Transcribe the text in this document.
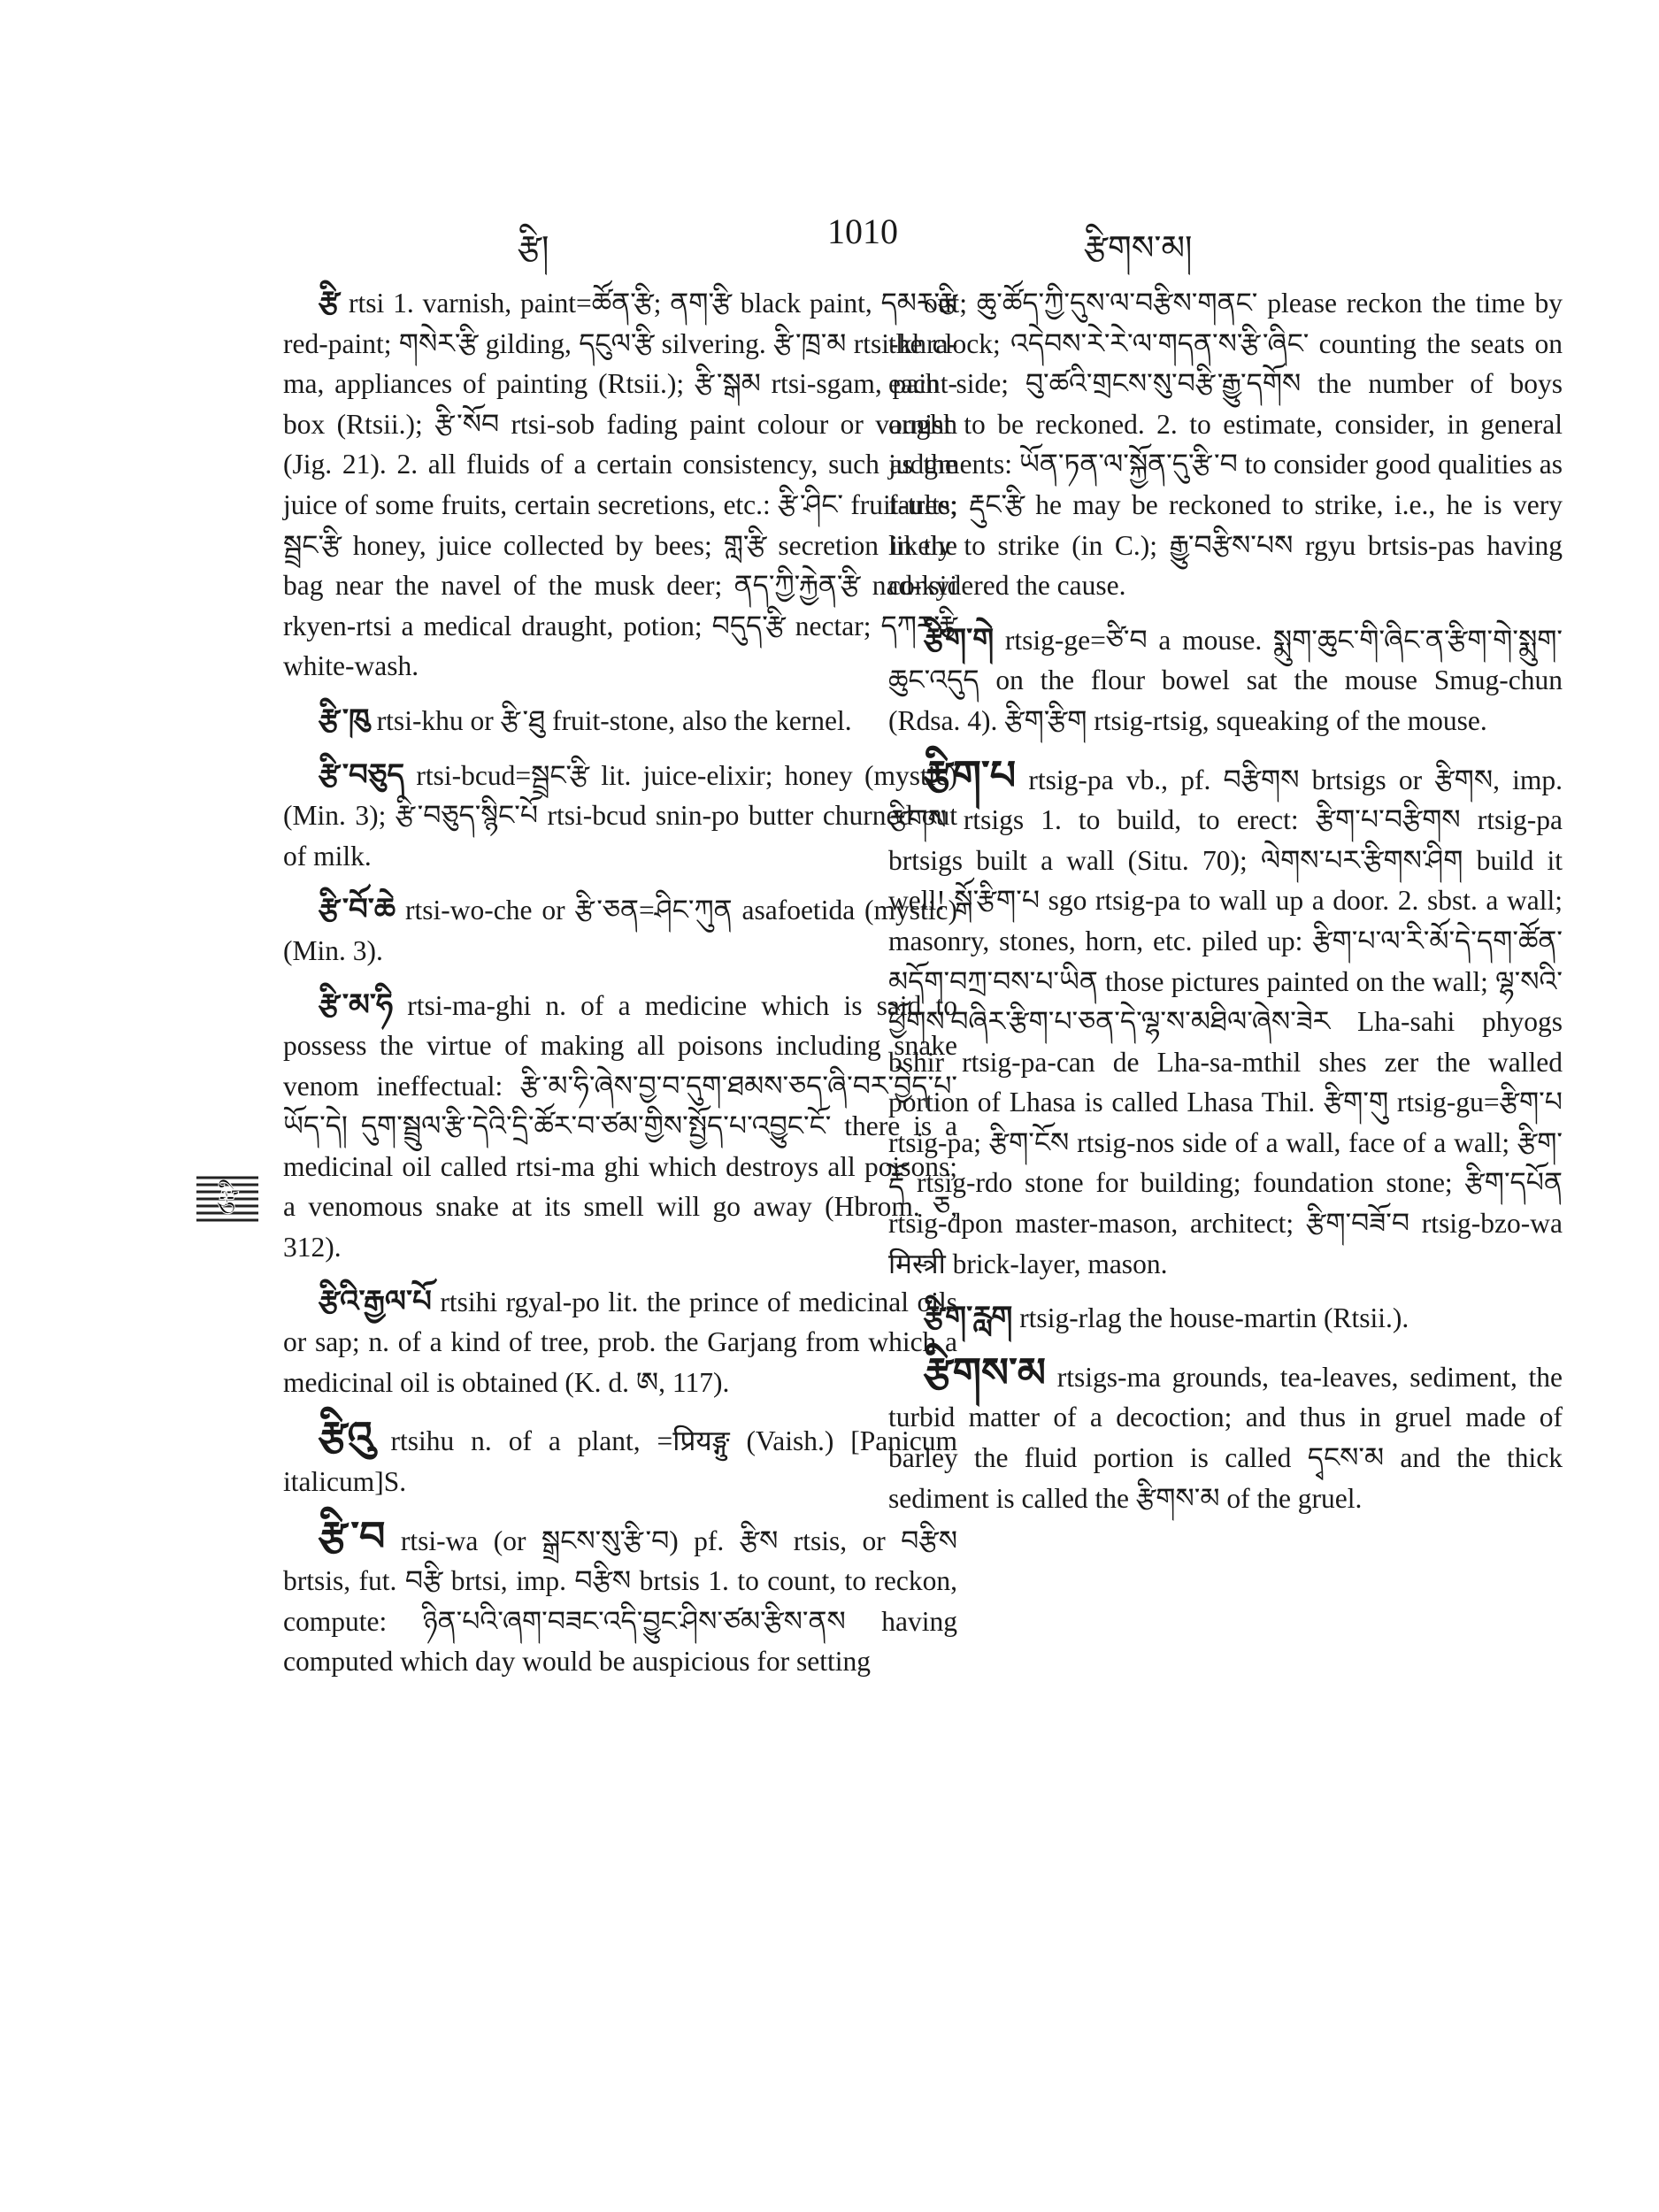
རྩི།	1010	རྩིགས་མ།
རྩི

རྩི rtsi 1. varnish, paint=ཚོན་རྩི; ནག་རྩི black paint, དམར་རྩི red-paint; གསེར་རྩི gilding, དངུལ་རྩི silvering. རྩི་ཁྲ་མ rtsi-khra-ma, appliances of painting (Rtsii.); རྩི་སྒམ rtsi-sgam, paint-box (Rtsii.); རྩི་སོབ rtsi-sob fading paint colour or varnish (Jig. 21). 2. all fluids of a certain consistency, such as the juice of some fruits, certain secretions, etc.: རྩི་ཤིང་ fruit-tree; སྦྲང་རྩི honey, juice collected by bees; གླ་རྩི secretion in the bag near the navel of the musk deer; ནད་ཀྱི་རྐྱེན་རྩི nad-kyi rkyen-rtsi a medical draught, potion; བདུད་རྩི nectar; དཀར་རྩི white-wash.

རྩི་ཁུ rtsi-khu or རྩི་ཐུ fruit-stone, also the kernel.

རྩི་བཅུད rtsi-bcud=སྦྲང་རྩི lit. juice-elixir; honey (mystic) (Min. 3); རྩི་བཅུད་སྙིང་པོ rtsi-bcud snin-po butter churned out of milk.

རྩི་བོ་ཆེ rtsi-wo-che or རྩི་ཅན=ཤིང་ཀུན asafoetida (mystic) (Min. 3).

རྩི་མ་ཧི rtsi-ma-ghi n. of a medicine which is said to possess the virtue of making all poisons including snake venom ineffectual: རྩི་མ་ཧི་ཞེས་བྱ་བ་དུག་ཐམས་ཅད་ཞི་བར་བྱེད་པ་ཡོད་དེ། དུག་སྦྲུལ་རྩི་དེའི་དྲི་ཚོར་བ་ཙམ་གྱིས་སྤྱོད་པ་འབྱུང་ངོ་ there is a medicinal oil called rtsi-ma ghi which destroys all poisons; a venomous snake at its smell will go away (Hbrom. ཅ, 312).

རྩིའི་རྒྱལ་པོ rtsihi rgyal-po lit. the prince of medicinal oils or sap; n. of a kind of tree, prob. the Garjang from which a medicinal oil is obtained (K. d. ཨ, 117).

རྩིའུ rtsihu n. of a plant, =प्रियङ्गु (Vaish.) [Panicum italicum]S.

རྩི་བ rtsi-wa (or སྒྲངས་སུ་རྩི་བ) pf. རྩིས rtsis, or བརྩིས brtsis, fut. བརྩི brtsi, imp. བརྩིས brtsis 1. to count, to reckon, compute: ཉིན་པའི་ཞག་བཟང་འདི་བྱུང་ཤིས་ཙམ་རྩིས་ནས having computed which day would be auspicious for setting

out; ཆུ་ཚོད་ཀྱི་དུས་ལ་བརྩིས་གནང་ please reckon the time by the clock; འདེབས་རེ་རེ་ལ་གདན་ས་རྩི་ཞིང་ counting the seats on each side; བུ་ཚའི་གྲངས་སུ་བརྩི་རྒྱུ་དགོས the number of boys ought to be reckoned. 2. to estimate, consider, in general judgments: ཡོན་ཏན་ལ་སྐྱོན་དུ་རྩི་བ to consider good qualities as faults; རྡུང་རྩི he may be reckoned to strike, i.e., he is very likely to strike (in C.); རྒྱུ་བརྩིས་པས rgyu brtsis-pas having considered the cause.

རྩིག་གེ rtsig-ge=ཙི་བ a mouse. སྨུག་ཆུང་གི་ཞིང་ན་རྩིག་གེ་སྨུག་ཆུང་འདུད on the flour bowel sat the mouse Smug-chun (Rdsa. 4). རྩིག་རྩིག rtsig-rtsig, squeaking of the mouse.

རྩིག་པ rtsig-pa vb., pf. བརྩིགས brtsigs or རྩིགས, imp. རྩིགས rtsigs 1. to build, to erect: རྩིག་པ་བརྩིགས rtsig-pa brtsigs built a wall (Situ. 70); ལེགས་པར་རྩིགས་ཤིག build it well! སྒོ་རྩིག་པ sgo rtsig-pa to wall up a door. 2. sbst. a wall; masonry, stones, horn, etc. piled up: རྩིག་པ་ལ་རི་མོ་དེ་དག་ཚོན་མདོག་བཀྲ་བས་པ་ཡིན those pictures painted on the wall; ལྷ་སའི་ཕྱོགས་བཞིར་རྩིག་པ་ཅན་དེ་ལྷ་ས་མཐིལ་ཞེས་ཟེར Lha-sahi phyogs bshir rtsig-pa-can de Lha-sa-mthil shes zer the walled portion of Lhasa is called Lhasa Thil. རྩིག་གུ rtsig-gu=རྩིག་པ rtsig-pa; རྩིག་ངོས rtsig-nos side of a wall, face of a wall; རྩིག་རྡོ rtsig-rdo stone for building; foundation stone; རྩིག་དཔོན rtsig-dpon master-mason, architect; རྩིག་བཟོ་བ rtsig-bzo-wa मिस्त्री brick-layer, mason.

རྩིག་རླག rtsig-rlag the house-martin (Rtsii.).

རྩིགས་མ rtsigs-ma grounds, tea-leaves, sediment, the turbid matter of a decoction; and thus in gruel made of barley the fluid portion is called དྭངས་མ and the thick sediment is called the རྩིགས་མ of the gruel.
